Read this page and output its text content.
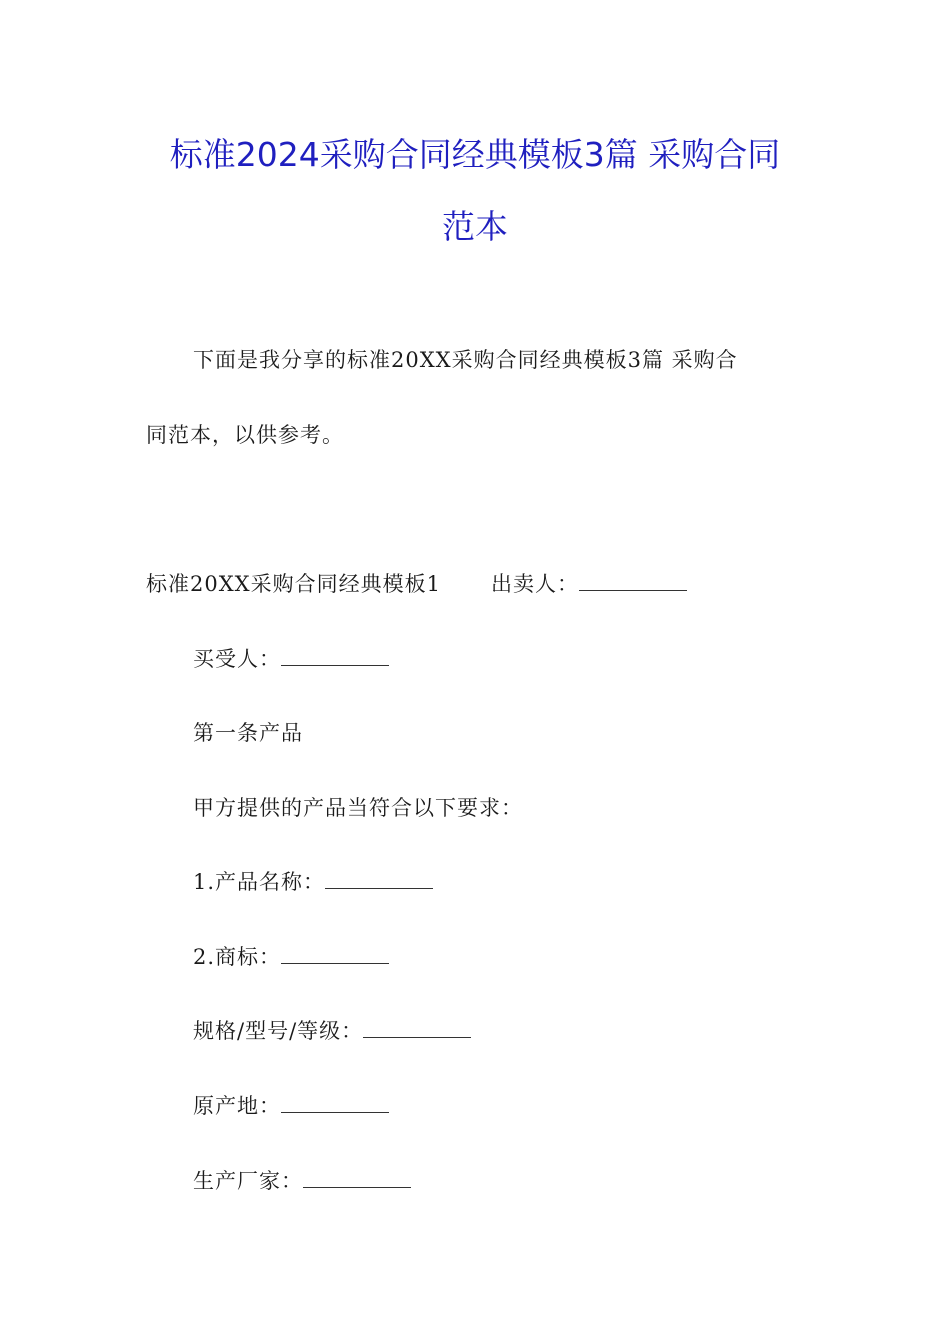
标准2024采购合同经典模板3篇 采购合同
范本
下面是我分享的标准20XX采购合同经典模板3篇 采购合
同范本，以供参考。
标准20XX采购合同经典模板1 出卖人：
买受人：
第一条产品
甲方提供的产品当符合以下要求：
1.产品名称：
2.商标：
规格/型号/等级：
原产地：
生产厂家：
